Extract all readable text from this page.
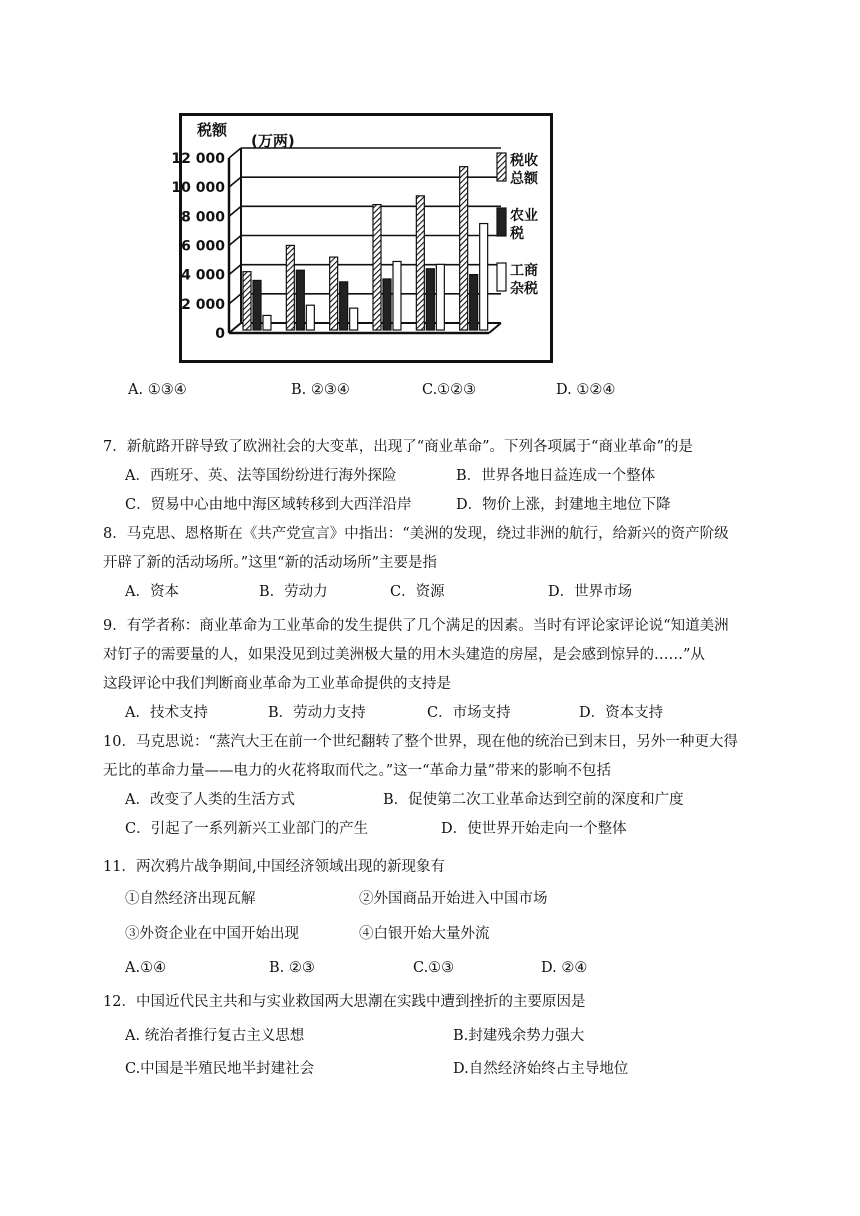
税额
(万两)
12 000
10 000
8 000
6 000
4 000
2 000
0
税收
总额
农业
税
工商
杂税
A. ①③④	B. ②③④	C.①②③	D. ①②④
7．新航路开辟导致了欧洲社会的大变革，出现了“商业革命”。下列各项属于“商业革命”的是
A．西班牙、英、法等国纷纷进行海外探险	B．世界各地日益连成一个整体
C．贸易中心由地中海区域转移到大西洋沿岸	D．物价上涨，封建地主地位下降
8．马克思、恩格斯在《共产党宣言》中指出：“美洲的发现，绕过非洲的航行，给新兴的资产阶级
开辟了新的活动场所。”这里“新的活动场所”主要是指
A．资本	B．劳动力	C．资源	D．世界市场
9．有学者称：商业革命为工业革命的发生提供了几个满足的因素。当时有评论家评论说“知道美洲
对钉子的需要量的人，如果没见到过美洲极大量的用木头建造的房屋，是会感到惊异的……”从
这段评论中我们判断商业革命为工业革命提供的支持是
A．技术支持	B．劳动力支持	C．市场支持	D．资本支持
10．马克思说：“蒸汽大王在前一个世纪翻转了整个世界，现在他的统治已到末日，另外一种更大得
无比的革命力量——电力的火花将取而代之。”这一“革命力量”带来的影响不包括
A．改变了人类的生活方式	B．促使第二次工业革命达到空前的深度和广度
C．引起了一系列新兴工业部门的产生	D．使世界开始走向一个整体
11．两次鸦片战争期间,中国经济领域出现的新现象有
①自然经济出现瓦解	②外国商品开始进入中国市场
③外资企业在中国开始出现	④白银开始大量外流
A.①④	B. ②③	C.①③	D. ②④
12．中国近代民主共和与实业救国两大思潮在实践中遭到挫折的主要原因是
A. 统治者推行复古主义思想	B.封建残余势力强大
C.中国是半殖民地半封建社会	D.自然经济始终占主导地位
